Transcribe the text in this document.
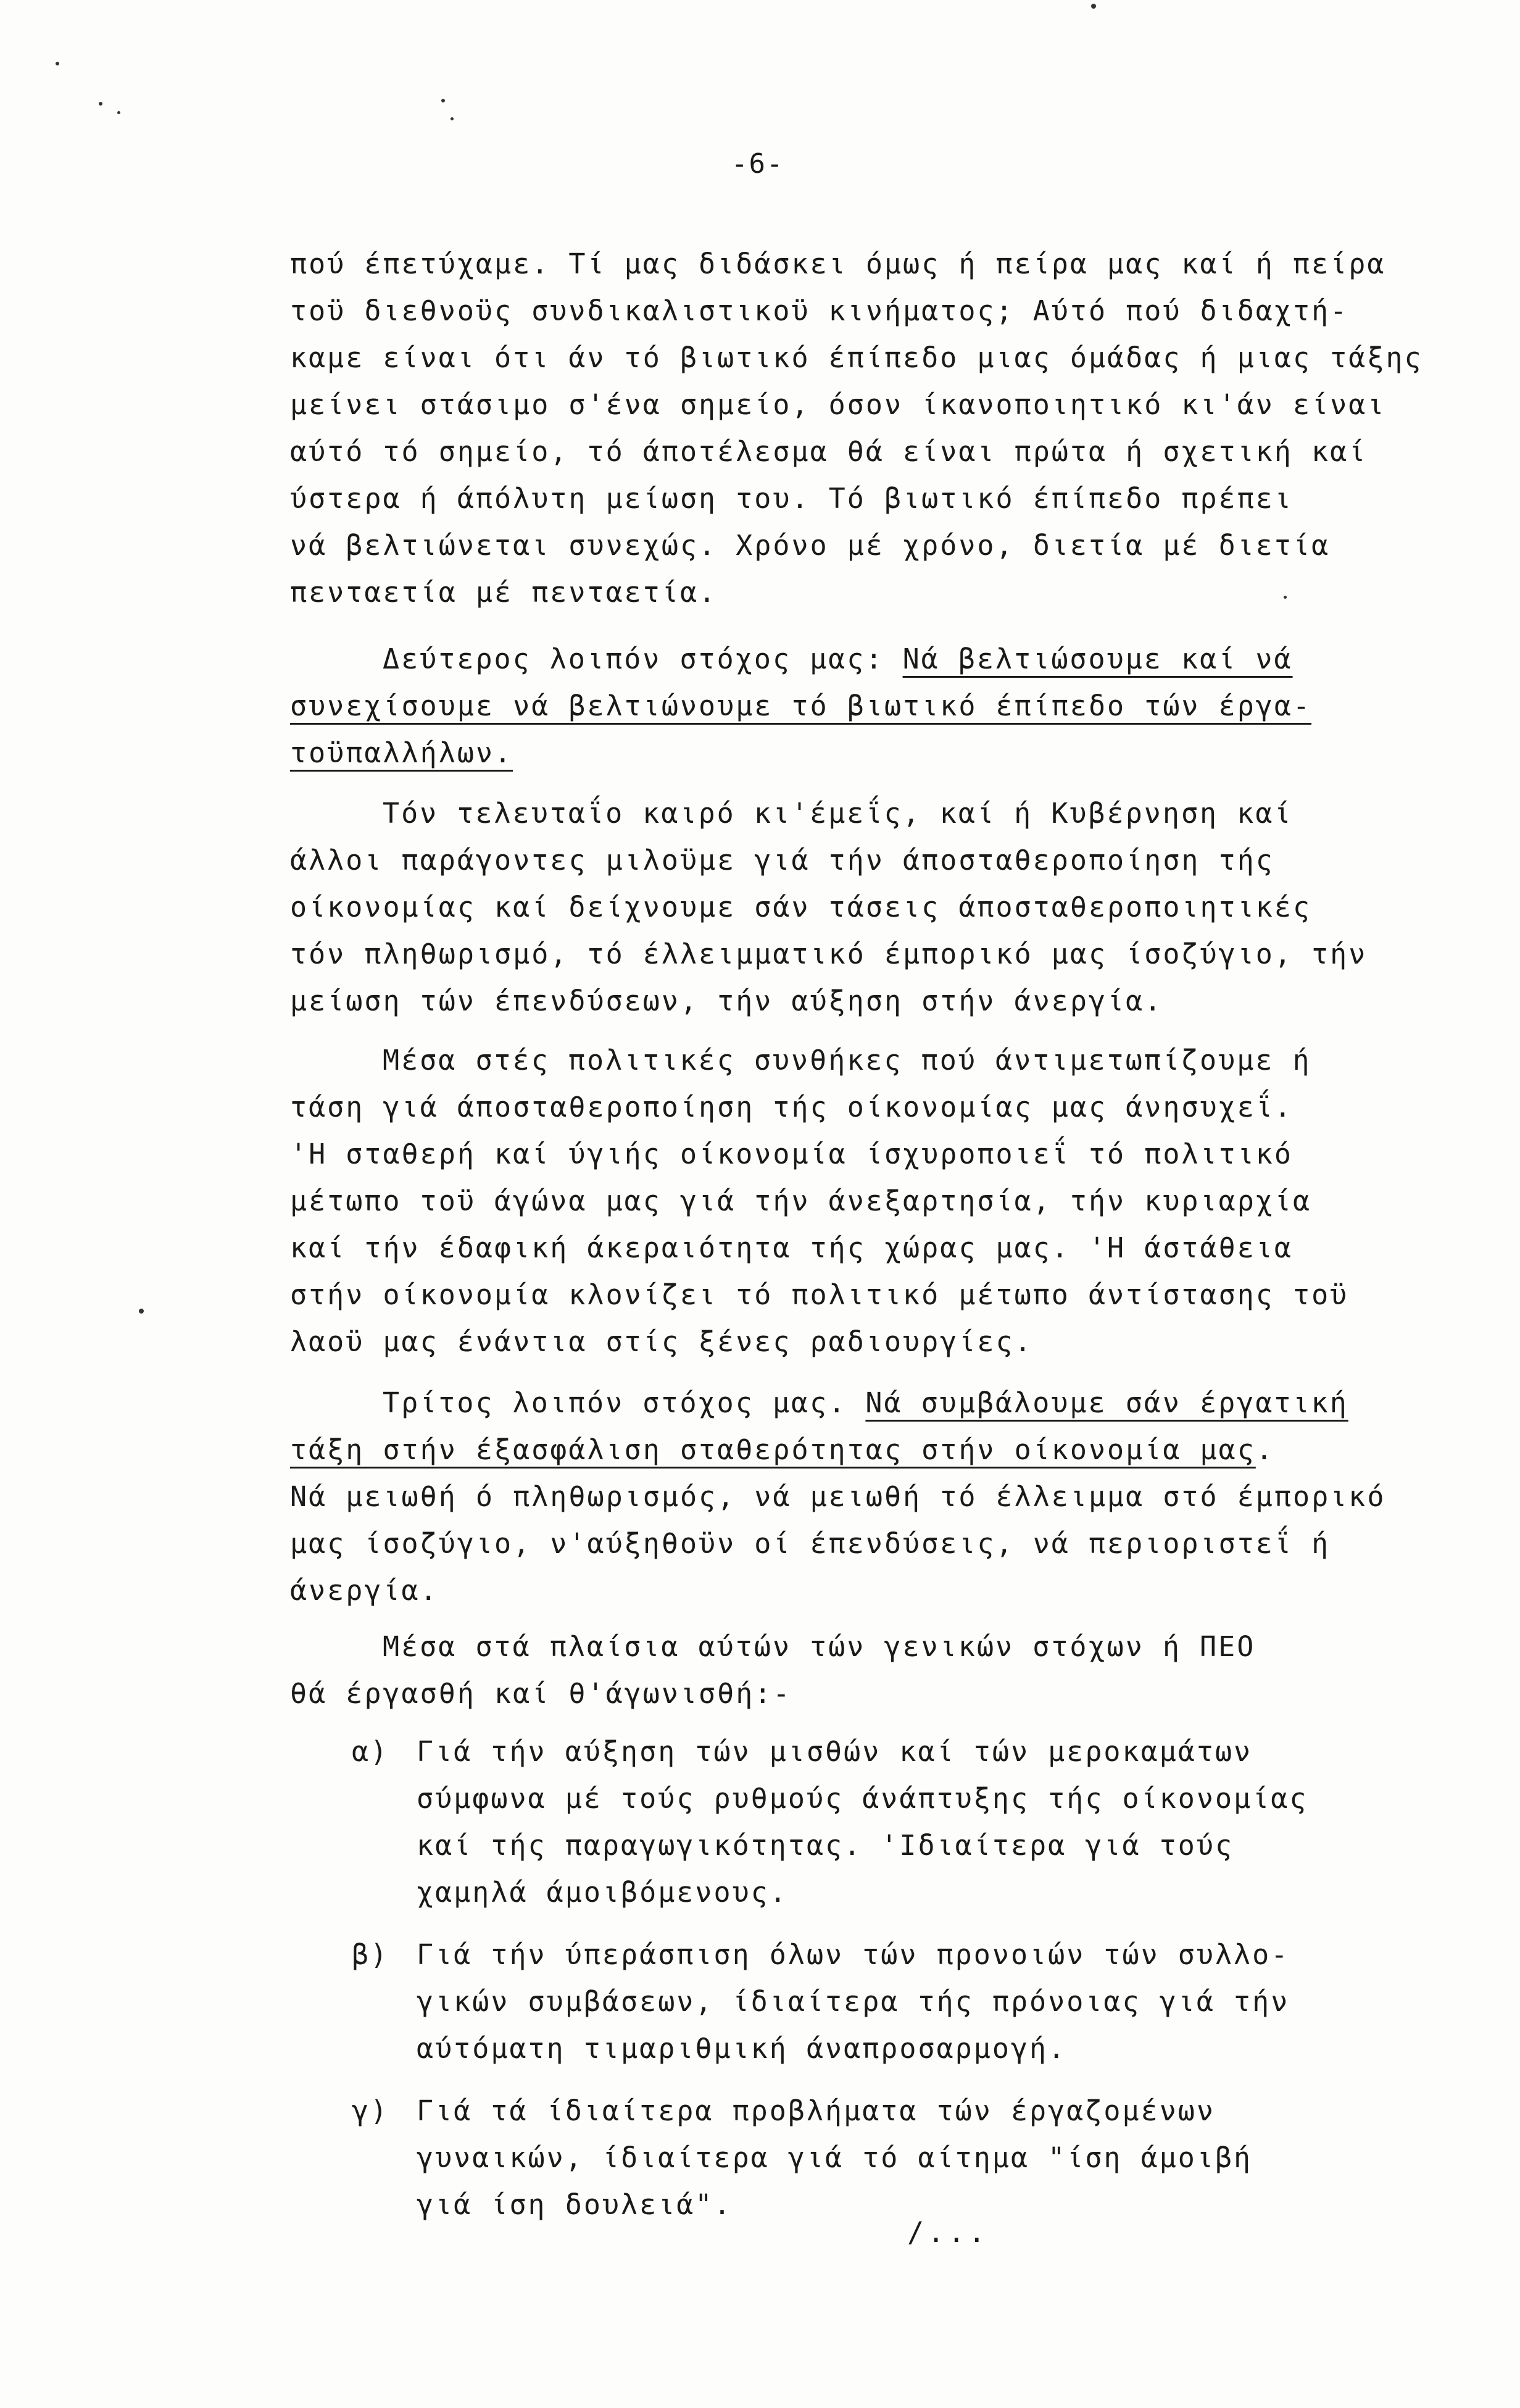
-6-
πού έπετύχαμε. Τί μας διδάσκει όμως ή πείρα μας καί ή πείρα
τοϋ διεθνοϋς συνδικαλιστικοϋ κινήματος; Αύτό πού διδαχτή-
καμε είναι ότι άν τό βιωτικό έπίπεδο μιας όμάδας ή μιας τάξης
μείνει στάσιμο σ'ένα σημείο, όσον ίκανοποιητικό κι'άν είναι
αύτό τό σημείο, τό άποτέλεσμα θά είναι πρώτα ή σχετική καί
ύστερα ή άπόλυτη μείωση του. Τό βιωτικό έπίπεδο πρέπει
νά βελτιώνεται συνεχώς. Χρόνο μέ χρόνο, διετία μέ διετία
πενταετία μέ πενταετία.
Δεύτερος λοιπόν στόχος μας: Νά βελτιώσουμε καί νά
συνεχίσουμε νά βελτιώνουμε τό βιωτικό έπίπεδο τών έργα-
τοϋπαλλήλων.
Τόν τελευταΐο καιρό κι'έμεΐς, καί ή Κυβέρνηση καί
άλλοι παράγοντες μιλοϋμε γιά τήν άποσταθεροποίηση τής
οίκονομίας καί δείχνουμε σάν τάσεις άποσταθεροποιητικές
τόν πληθωρισμό, τό έλλειμματικό έμπορικό μας ίσοζύγιο, τήν
μείωση τών έπενδύσεων, τήν αύξηση στήν άνεργία.
Μέσα στές πολιτικές συνθήκες πού άντιμετωπίζουμε ή
τάση γιά άποσταθεροποίηση τής οίκονομίας μας άνησυχεΐ.
'Η σταθερή καί ύγιής οίκονομία ίσχυροποιεΐ τό πολιτικό
μέτωπο τοϋ άγώνα μας γιά τήν άνεξαρτησία, τήν κυριαρχία
καί τήν έδαφική άκεραιότητα τής χώρας μας. 'Η άστάθεια
στήν οίκονομία κλονίζει τό πολιτικό μέτωπο άντίστασης τοϋ
λαοϋ μας ένάντια στίς ξένες ραδιουργίες.
Τρίτος λοιπόν στόχος μας. Νά συμβάλουμε σάν έργατική
τάξη στήν έξασφάλιση σταθερότητας στήν οίκονομία μας.
Νά μειωθή ό πληθωρισμός, νά μειωθή τό έλλειμμα στό έμπορικό
μας ίσοζύγιο, ν'αύξηθοϋν οί έπενδύσεις, νά περιοριστεΐ ή
άνεργία.
Μέσα στά πλαίσια αύτών τών γενικών στόχων ή ΠΕΟ
θά έργασθή καί θ'άγωνισθή:-
α) Γιά τήν αύξηση τών μισθών καί τών μεροκαμάτων
σύμφωνα μέ τούς ρυθμούς άνάπτυξης τής οίκονομίας
καί τής παραγωγικότητας. 'Ιδιαίτερα γιά τούς
χαμηλά άμοιβόμενους.
β) Γιά τήν ύπεράσπιση όλων τών προνοιών τών συλλο-
γικών συμβάσεων, ίδιαίτερα τής πρόνοιας γιά τήν
αύτόματη τιμαριθμική άναπροσαρμογή.
γ) Γιά τά ίδιαίτερα προβλήματα τών έργαζομένων
γυναικών, ίδιαίτερα γιά τό αίτημα "ίση άμοιβή
γιά ίση δουλειά".
/...
